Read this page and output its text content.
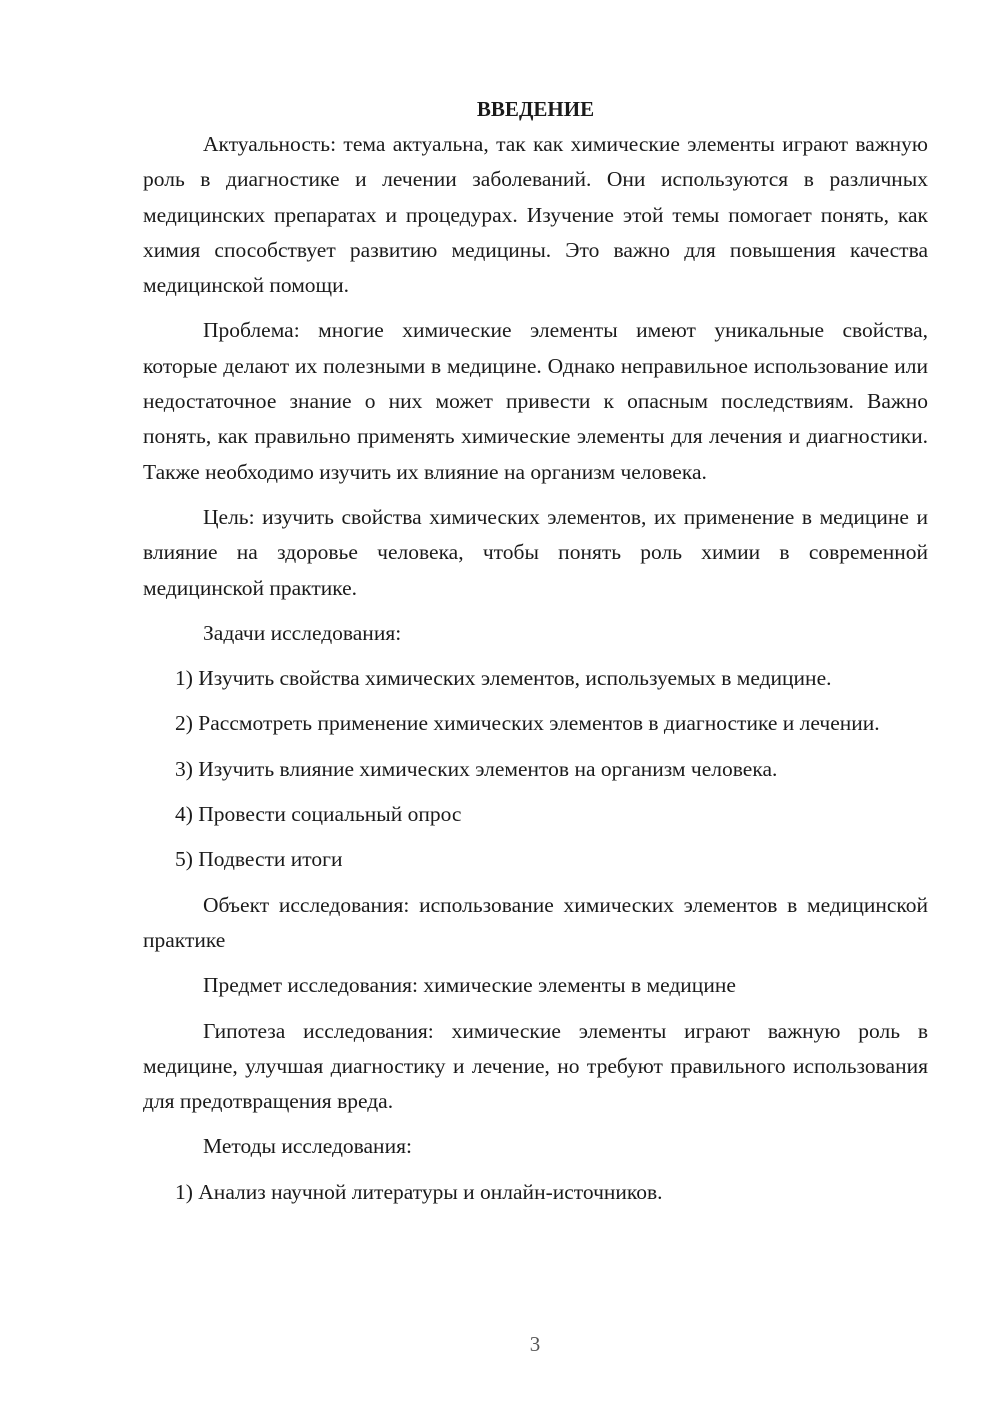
ВВЕДЕНИЕ

Актуальность: тема актуальна, так как химические элементы играют важную роль в диагностике и лечении заболеваний. Они используются в различных медицинских препаратах и процедурах. Изучение этой темы помогает понять, как химия способствует развитию медицины. Это важно для повышения качества медицинской помощи.

Проблема: многие химические элементы имеют уникальные свойства, которые делают их полезными в медицине. Однако неправильное использование или недостаточное знание о них может привести к опасным последствиям. Важно понять, как правильно применять химические элементы для лечения и диагностики. Также необходимо изучить их влияние на организм человека.

Цель: изучить свойства химических элементов, их применение в медицине и влияние на здоровье человека, чтобы понять роль химии в современной медицинской практике.

Задачи исследования:

1) Изучить свойства химических элементов, используемых в медицине.

2) Рассмотреть применение химических элементов в диагностике и лечении.

3) Изучить влияние химических элементов на организм человека.

4) Провести социальный опрос

5) Подвести итоги

Объект исследования: использование химических элементов в медицинской практике

Предмет исследования: химические элементы в медицине

Гипотеза исследования: химические элементы играют важную роль в медицине, улучшая диагностику и лечение, но требуют правильного использования для предотвращения вреда.

Методы исследования:

1) Анализ научной литературы и онлайн-источников.

3
